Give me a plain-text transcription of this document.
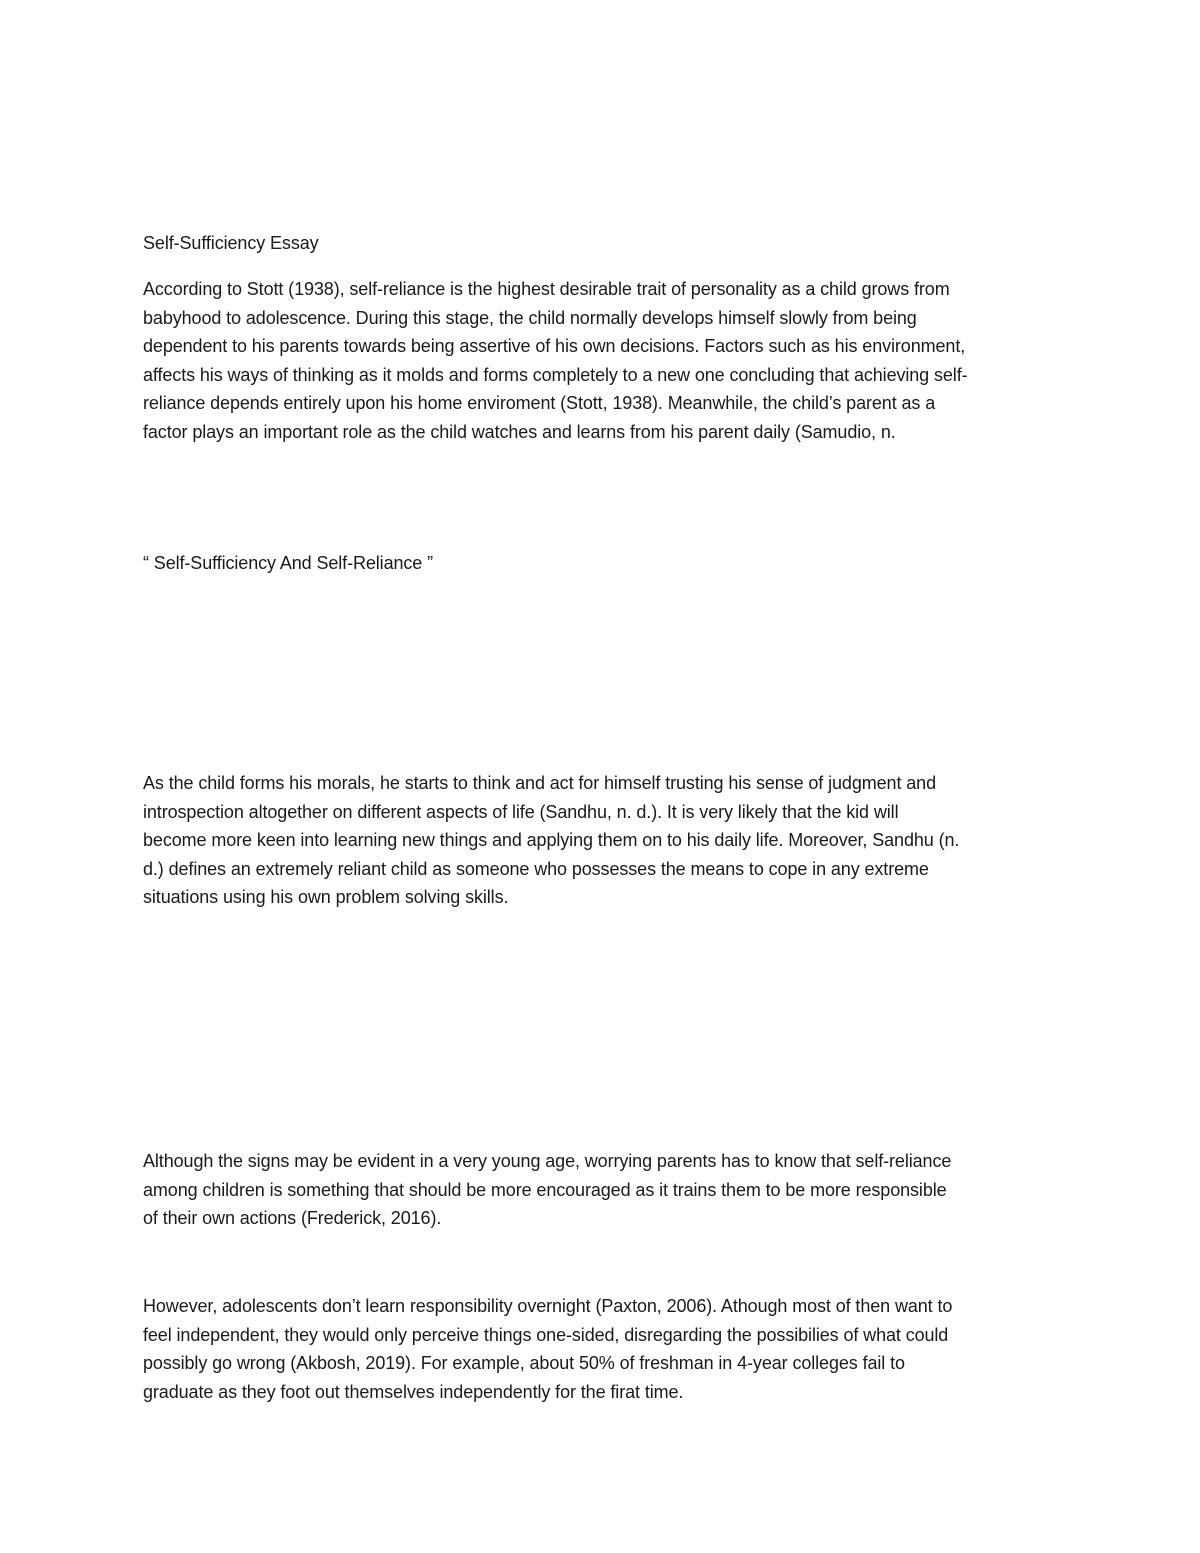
Self-Sufficiency Essay

According to Stott (1938), self-reliance is the highest desirable trait of personality as a child grows from
babyhood to adolescence. During this stage, the child normally develops himself slowly from being
dependent to his parents towards being assertive of his own decisions. Factors such as his environment,
affects his ways of thinking as it molds and forms completely to a new one concluding that achieving self-
reliance depends entirely upon his home enviroment (Stott, 1938). Meanwhile, the child’s parent as a
factor plays an important role as the child watches and learns from his parent daily (Samudio, n.

“ Self-Sufficiency And Self-Reliance ”

As the child forms his morals, he starts to think and act for himself trusting his sense of judgment and
introspection altogether on different aspects of life (Sandhu, n. d.). It is very likely that the kid will
become more keen into learning new things and applying them on to his daily life. Moreover, Sandhu (n.
d.) defines an extremely reliant child as someone who possesses the means to cope in any extreme
situations using his own problem solving skills.

Although the signs may be evident in a very young age, worrying parents has to know that self-reliance
among children is something that should be more encouraged as it trains them to be more responsible
of their own actions (Frederick, 2016).

However, adolescents don’t learn responsibility overnight (Paxton, 2006). Athough most of then want to
feel independent, they would only perceive things one-sided, disregarding the possibilies of what could
possibly go wrong (Akbosh, 2019). For example, about 50% of freshman in 4-year colleges fail to
graduate as they foot out themselves independently for the firat time.
